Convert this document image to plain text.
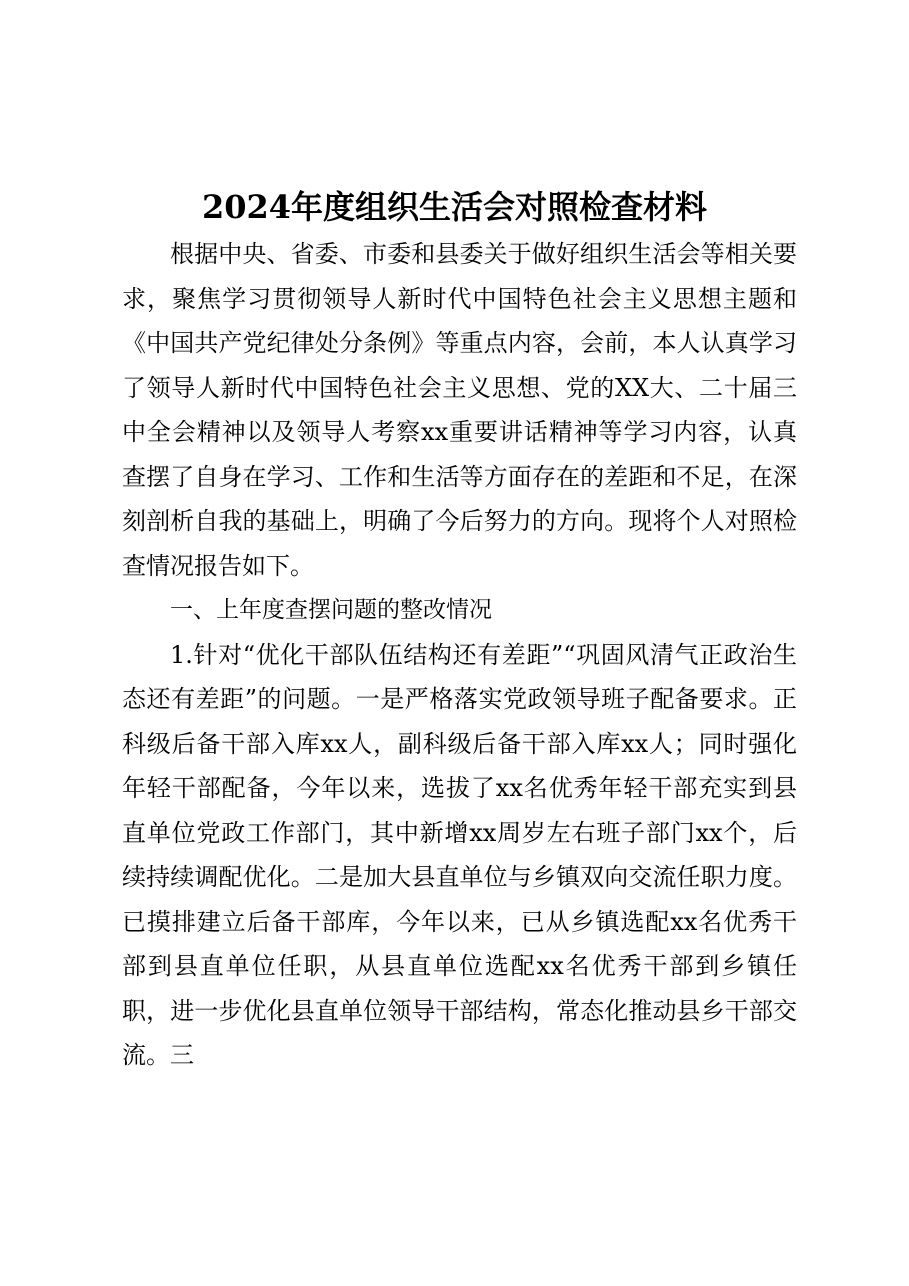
2024年度组织生活会对照检查材料

根据中央、省委、市委和县委关于做好组织生活会等相关要求，聚焦学习贯彻领导人新时代中国特色社会主义思想主题和《中国共产党纪律处分条例》等重点内容，会前，本人认真学习了领导人新时代中国特色社会主义思想、党的XX大、二十届三中全会精神以及领导人考察xx重要讲话精神等学习内容，认真查摆了自身在学习、工作和生活等方面存在的差距和不足，在深刻剖析自我的基础上，明确了今后努力的方向。现将个人对照检查情况报告如下。

一、上年度查摆问题的整改情况

1.针对“优化干部队伍结构还有差距”“巩固风清气正政治生态还有差距”的问题。一是严格落实党政领导班子配备要求。正科级后备干部入库xx人，副科级后备干部入库xx人；同时强化年轻干部配备，今年以来，选拔了xx名优秀年轻干部充实到县直单位党政工作部门，其中新增xx周岁左右班子部门xx个，后续持续调配优化。二是加大县直单位与乡镇双向交流任职力度。已摸排建立后备干部库，今年以来，已从乡镇选配xx名优秀干部到县直单位任职，从县直单位选配xx名优秀干部到乡镇任职，进一步优化县直单位领导干部结构，常态化推动县乡干部交流。三
